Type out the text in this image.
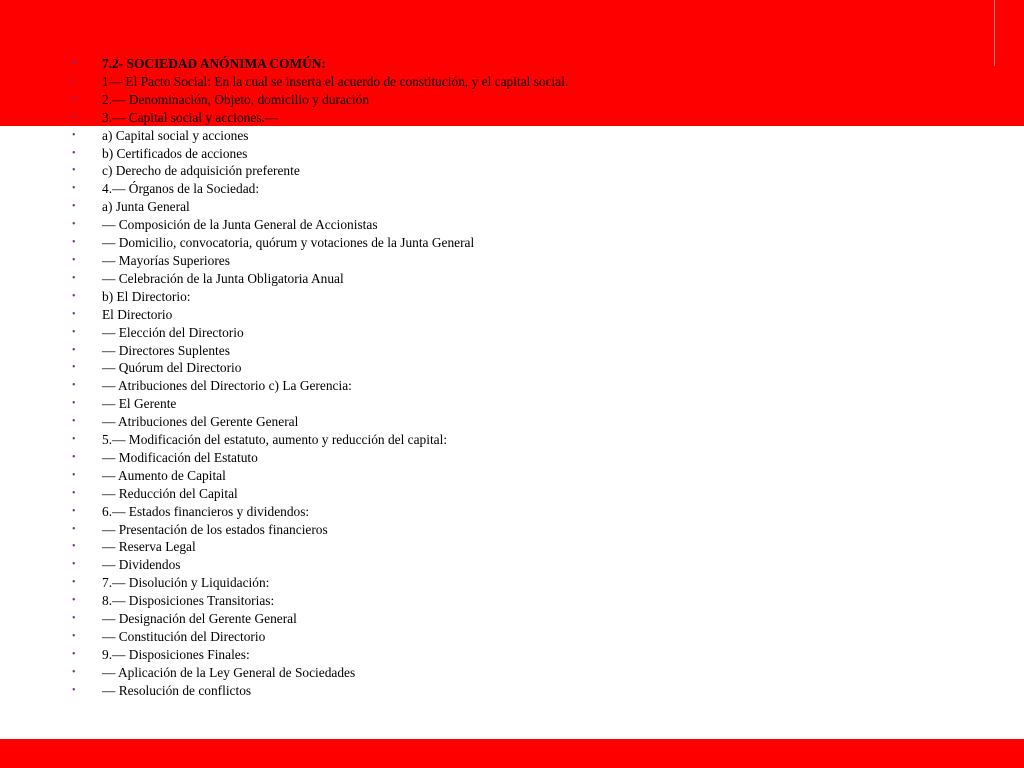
• 7.2- SOCIEDAD ANÓNIMA COMÚN:
• 1— El Pacto Social: En la cual se inserta el acuerdo de constitución, y el capital social.
• 2.— Denominación, Objeto, domicilio y duración
• 3.— Capital social y acciones.—
• a) Capital social y acciones
• b) Certificados de acciones
• c) Derecho de adquisición preferente
• 4.— Órganos de la Sociedad:
• a) Junta General
• — Composición de la Junta General de Accionistas
• — Domicilio, convocatoria, quórum y votaciones de la Junta General
• — Mayorías Superiores
• — Celebración de la Junta Obligatoria Anual
• b) El Directorio:
• El Directorio
• — Elección del Directorio
• — Directores Suplentes
• — Quórum del Directorio
• — Atribuciones del Directorio c) La Gerencia:
• — El Gerente
• — Atribuciones del Gerente General
• 5.— Modificación del estatuto, aumento y reducción del capital:
• — Modificación del Estatuto
• — Aumento de Capital
• — Reducción del Capital
• 6.— Estados financieros y dividendos:
• — Presentación de los estados financieros
• — Reserva Legal
• — Dividendos
• 7.— Disolución y Liquidación:
• 8.— Disposiciones Transitorias:
• — Designación del Gerente General
• — Constitución del Directorio
• 9.— Disposiciones Finales:
• — Aplicación de la Ley General de Sociedades
• — Resolución de conflictos
